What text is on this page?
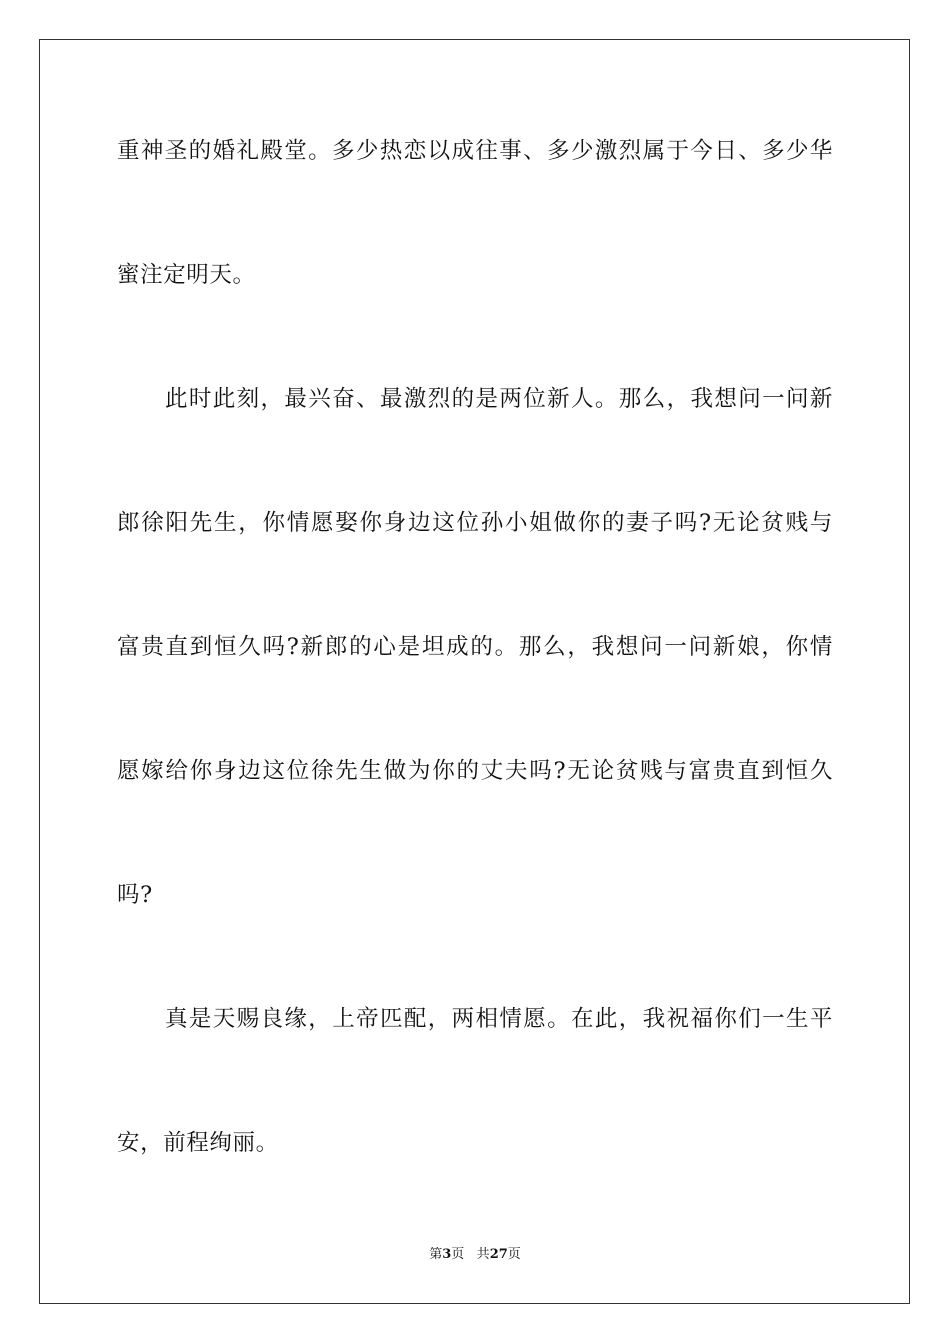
重神圣的婚礼殿堂。多少热恋以成往事、多少激烈属于今日、多少华
蜜注定明天。
此时此刻，最兴奋、最激烈的是两位新人。那么，我想问一问新
郎徐阳先生，你情愿娶你身边这位孙小姐做你的妻子吗?无论贫贱与
富贵直到恒久吗?新郎的心是坦成的。那么，我想问一问新娘，你情
愿嫁给你身边这位徐先生做为你的丈夫吗?无论贫贱与富贵直到恒久
吗?
真是天赐良缘，上帝匹配，两相情愿。在此，我祝福你们一生平
安，前程绚丽。
第3页 共27页
